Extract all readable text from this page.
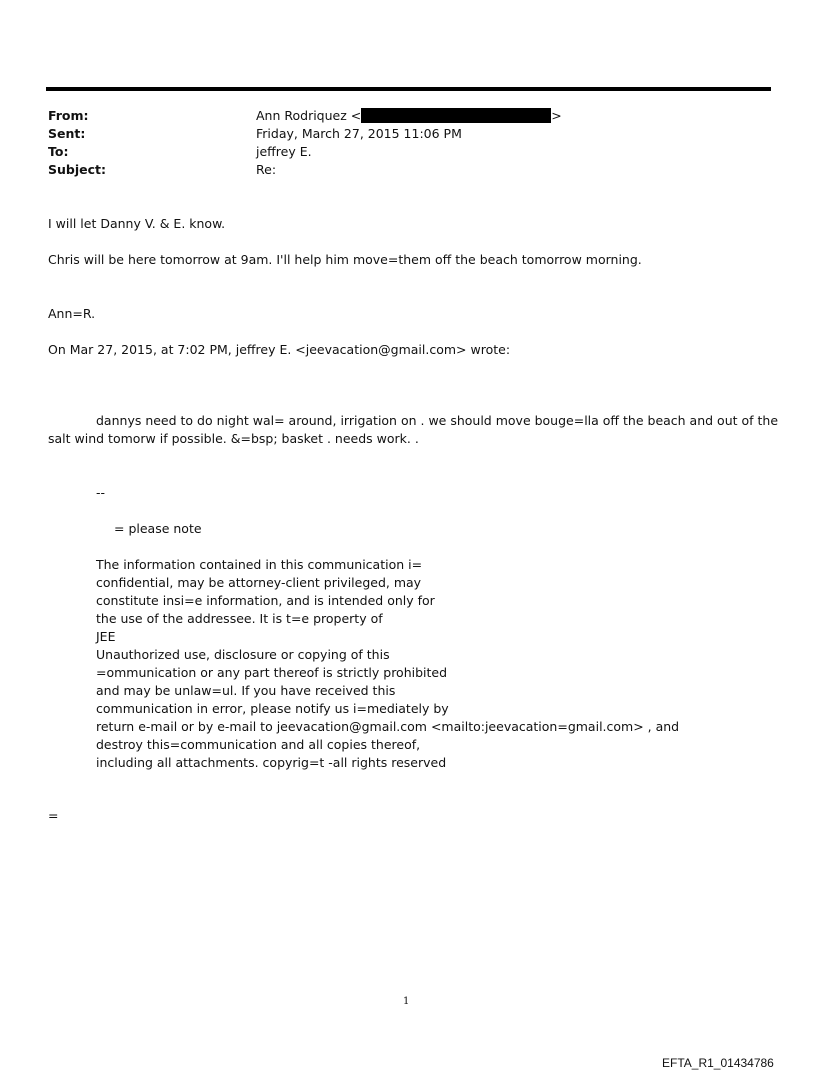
From:
Sent:
To:
Subject:
Ann Rodriquez <	>
Friday, March 27, 2015 11:06 PM
jeffrey E.
Re:
I will let Danny V. & E. know.
Chris will be here tomorrow at 9am. I'll help him move=them off the beach tomorrow morning.
Ann=R.
On Mar 27, 2015, at 7:02 PM, jeffrey E. <jeevacation@gmail.com> wrote:
dannys need to do night wal= around, irrigation on . we should move bouge=lla off the beach and out of the
salt wind tomorw if possible. &=bsp; basket . needs work. .
--
= please note
The information contained in this communication i=
confidential, may be attorney-client privileged, may
constitute insi=e information, and is intended only for
the use of the addressee. It is t=e property of
JEE
Unauthorized use, disclosure or copying of this
=ommunication or any part thereof is strictly prohibited
and may be unlaw=ul. If you have received this
communication in error, please notify us i=mediately by
return e-mail or by e-mail to jeevacation@gmail.com <mailto:jeevacation=gmail.com> , and
destroy this=communication and all copies thereof,
including all attachments. copyrig=t -all rights reserved
=
1
EFTA_R1_01434786
